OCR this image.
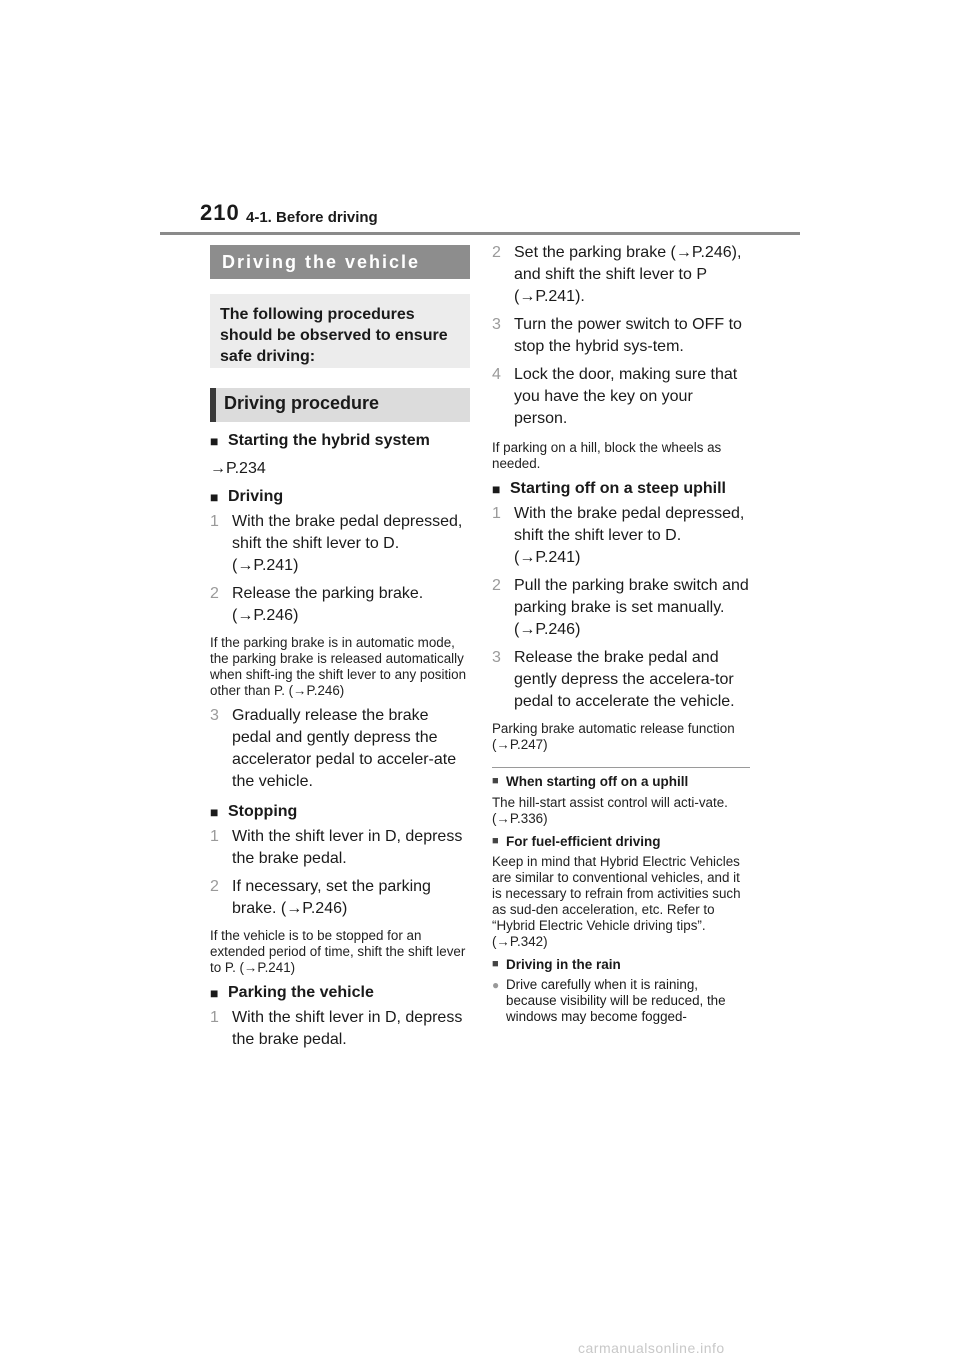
210 4-1. Before driving
Driving the vehicle
The following procedures should be observed to ensure safe driving:
Driving procedure
■ Starting the hybrid system
→P.234
■ Driving
1 With the brake pedal depressed, shift the shift lever to D. (→P.241)
2 Release the parking brake. (→P.246)
If the parking brake is in automatic mode, the parking brake is released automatically when shift-ing the shift lever to any position other than P. (→P.246)
3 Gradually release the brake pedal and gently depress the accelerator pedal to acceler-ate the vehicle.
■ Stopping
1 With the shift lever in D, depress the brake pedal.
2 If necessary, set the parking brake. (→P.246)
If the vehicle is to be stopped for an extended period of time, shift the shift lever to P. (→P.241)
■ Parking the vehicle
1 With the shift lever in D, depress the brake pedal.
2 Set the parking brake (→P.246), and shift the shift lever to P (→P.241).
3 Turn the power switch to OFF to stop the hybrid sys-tem.
4 Lock the door, making sure that you have the key on your person.
If parking on a hill, block the wheels as needed.
■ Starting off on a steep uphill
1 With the brake pedal depressed, shift the shift lever to D. (→P.241)
2 Pull the parking brake switch and parking brake is set manually. (→P.246)
3 Release the brake pedal and gently depress the accelera-tor pedal to accelerate the vehicle.
Parking brake automatic release function (→P.247)
■ When starting off on a uphill
The hill-start assist control will acti-vate. (→P.336)
■ For fuel-efficient driving
Keep in mind that Hybrid Electric Vehicles are similar to conventional vehicles, and it is necessary to refrain from activities such as sud-den acceleration, etc. Refer to “Hybrid Electric Vehicle driving tips”. (→P.342)
■ Driving in the rain
● Drive carefully when it is raining, because visibility will be reduced, the windows may become fogged-
carmanualsonline.info
